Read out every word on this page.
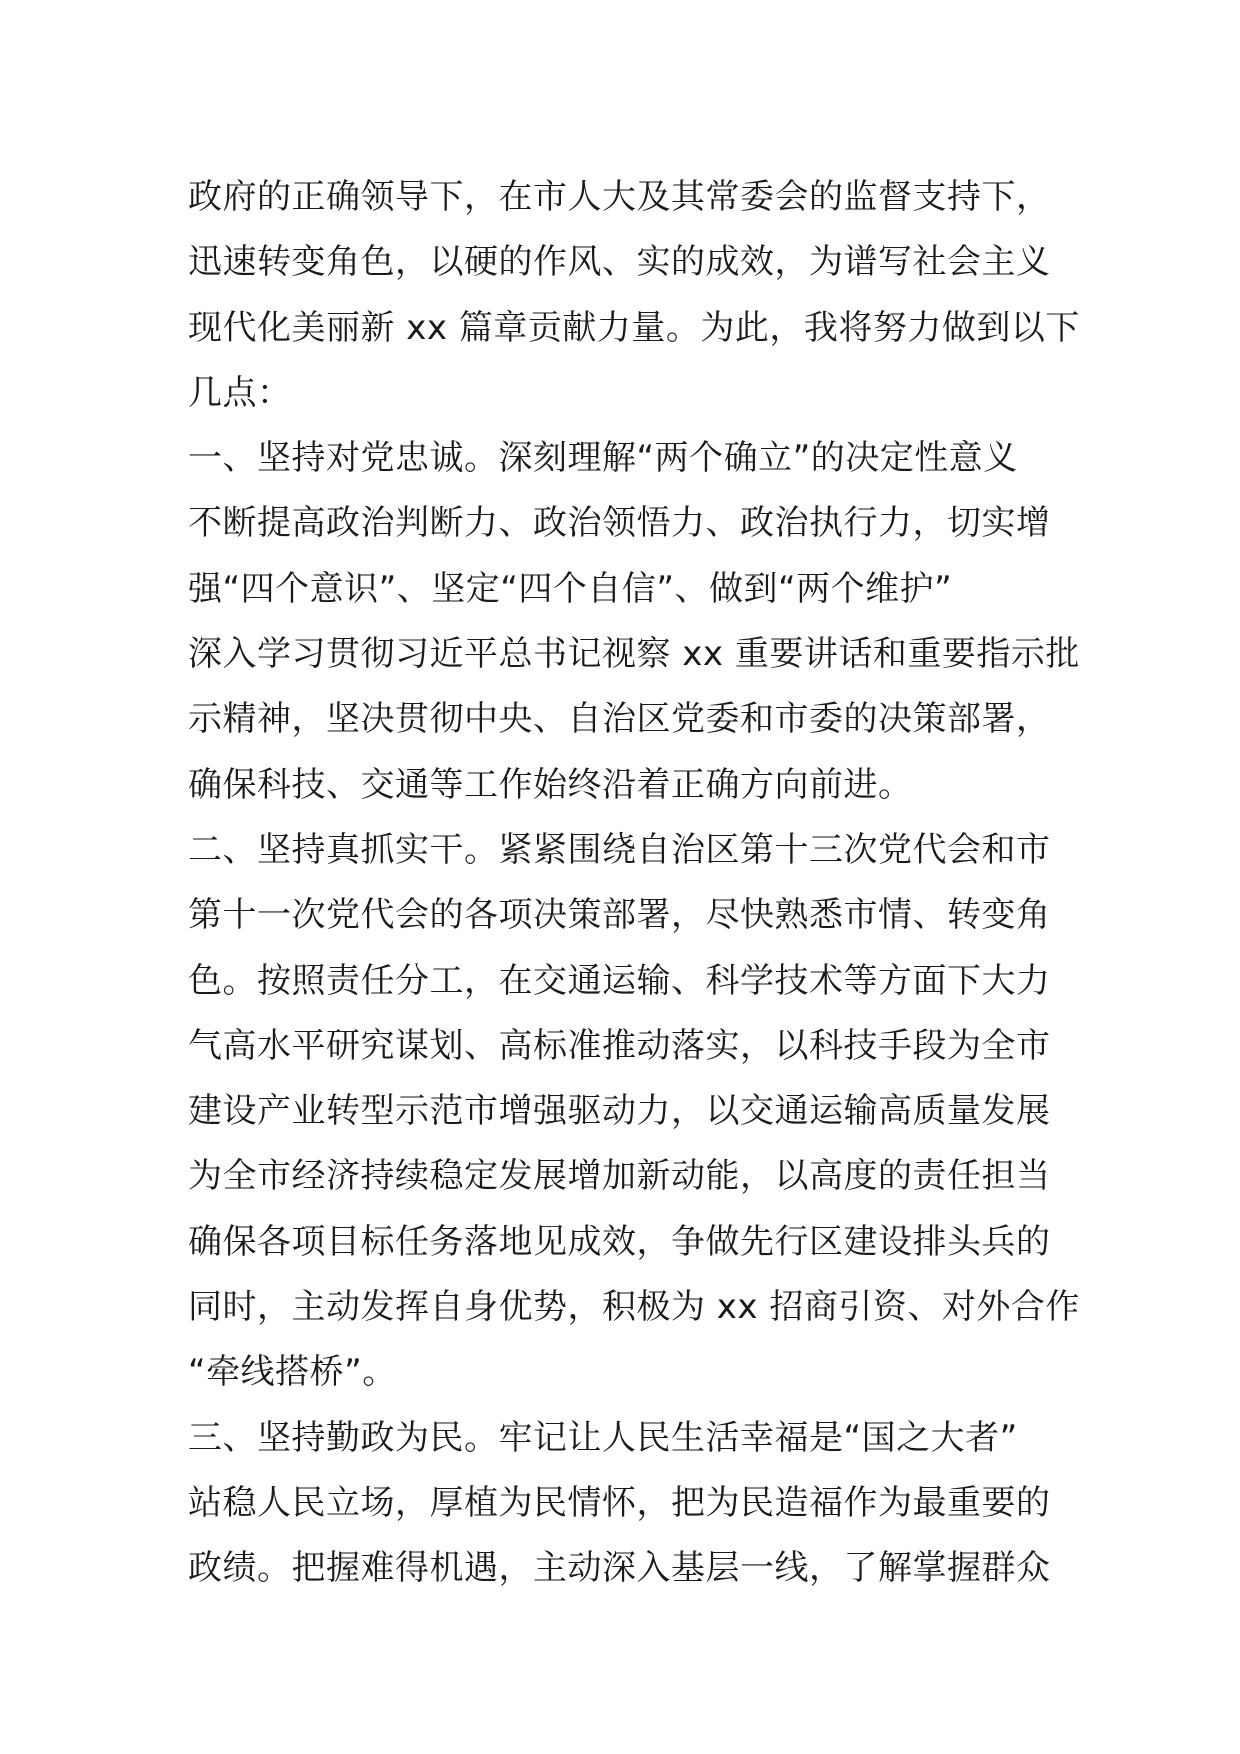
政府的正确领导下，在市人大及其常委会的监督支持下，
迅速转变角色，以硬的作风、实的成效，为谱写社会主义
现代化美丽新 xx 篇章贡献力量。为此，我将努力做到以下
几点：
一、坚持对党忠诚。深刻理解“两个确立”的决定性意义
不断提高政治判断力、政治领悟力、政治执行力，切实增
强“四个意识”、坚定“四个自信”、做到“两个维护”
深入学习贯彻习近平总书记视察 xx 重要讲话和重要指示批
示精神，坚决贯彻中央、自治区党委和市委的决策部署，
确保科技、交通等工作始终沿着正确方向前进。
二、坚持真抓实干。紧紧围绕自治区第十三次党代会和市
第十一次党代会的各项决策部署，尽快熟悉市情、转变角
色。按照责任分工，在交通运输、科学技术等方面下大力
气高水平研究谋划、高标准推动落实，以科技手段为全市
建设产业转型示范市增强驱动力，以交通运输高质量发展
为全市经济持续稳定发展增加新动能，以高度的责任担当
确保各项目标任务落地见成效，争做先行区建设排头兵的
同时，主动发挥自身优势，积极为 xx 招商引资、对外合作
“牵线搭桥”。
三、坚持勤政为民。牢记让人民生活幸福是“国之大者”
站稳人民立场，厚植为民情怀，把为民造福作为最重要的
政绩。把握难得机遇，主动深入基层一线，了解掌握群众
